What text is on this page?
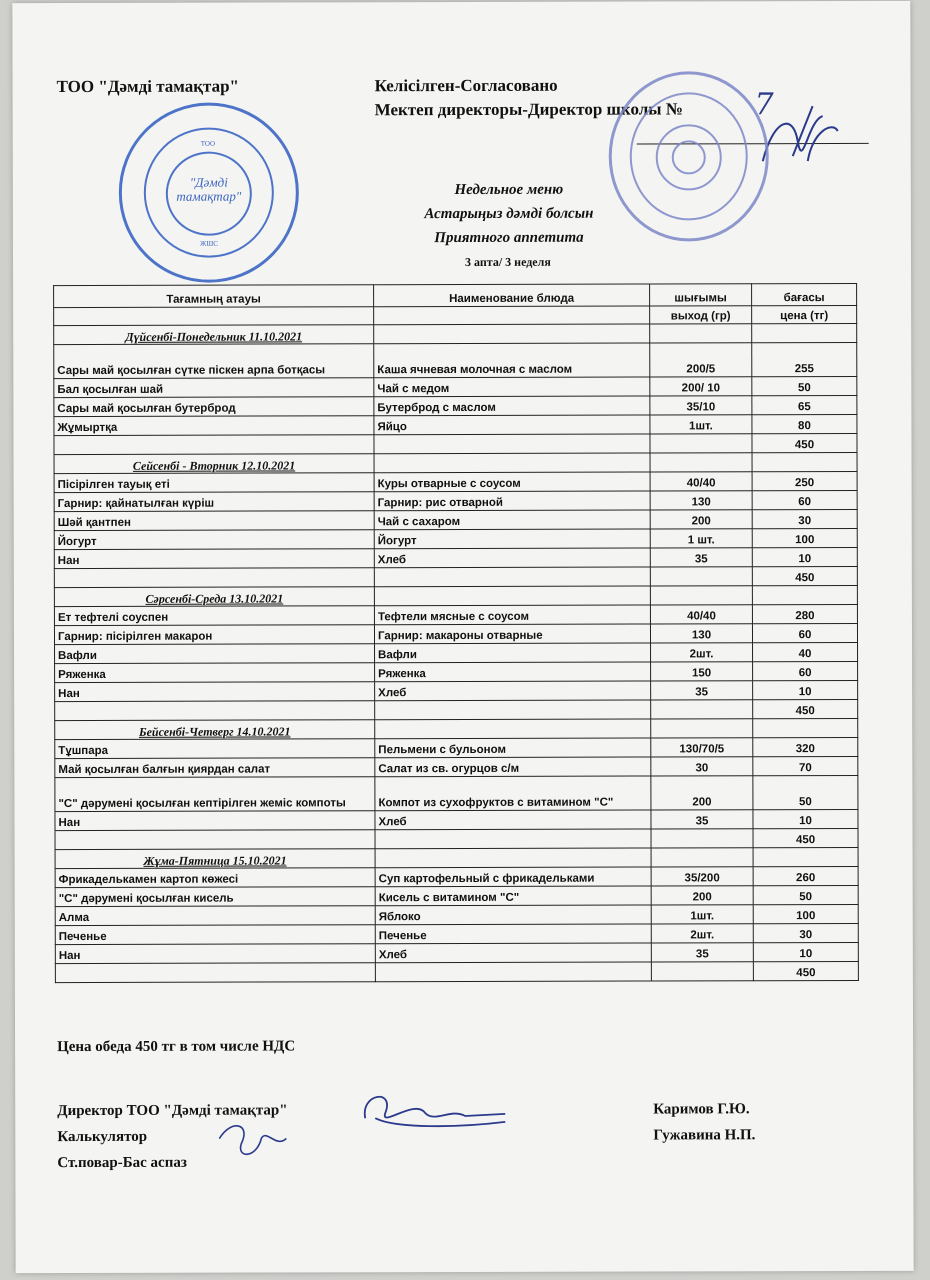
ТОО "Дәмді тамақтар"	Келісілген-Согласовано
Мектеп директоры-Директор школы № 7
"Дәмді
тамақтар"
ТОО
ЖШС
Недельное меню
Астарыңыз дәмді болсын
Приятного аппетита
3 апта/ 3 неделя
Тағамның атауы	Наименование блюда	шығымы	бағасы
		выход (гр)	цена (тг)
Дүйсенбі-Понедельник 11.10.2021			
Сары май қосылған сүтке піскен арпа ботқасы	Каша ячневая молочная с маслом	200/5	255
Бал қосылған шай	Чай с медом	200/ 10	50
Сары май қосылған бутерброд	Бутерброд с маслом	35/10	65
Жұмыртқа	Яйцо	1шт.	80
			450
Сейсенбі - Вторник 12.10.2021			
Пісірілген тауық еті	Куры отварные с соусом	40/40	250
Гарнир: қайнатылған күріш	Гарнир: рис отварной	130	60
Шәй қантпен	Чай с сахаром	200	30
Йогурт	Йогурт	1 шт.	100
Нан	Хлеб	35	10
			450
Сәрсенбі-Среда 13.10.2021			
Ет тефтелі соуспен	Тефтели мясные с соусом	40/40	280
Гарнир: пісірілген макарон	Гарнир: макароны отварные	130	60
Вафли	Вафли	2шт.	40
Ряженка	Ряженка	150	60
Нан	Хлеб	35	10
			450
Бейсенбі-Четверг 14.10.2021			
Тұшпара	Пельмени с бульоном	130/70/5	320
Май қосылған балғын қиярдан салат	Салат из св. огурцов с/м	30	70
"С" дәрумені қосылған кептірілген жеміс компоты	Компот из сухофруктов с витамином "С"	200	50
Нан	Хлеб	35	10
			450
Жұма-Пятница 15.10.2021			
Фрикаделькамен картоп көжесі	Суп картофельный с фрикадельками	35/200	260
"С" дәрумені қосылған кисель	Кисель с витамином "С"	200	50
Алма	Яблоко	1шт.	100
Печенье	Печенье	2шт.	30
Нан	Хлеб	35	10
			450
Цена обеда 450 тг в том числе НДС
Директор ТОО "Дәмді тамақтар"
Калькулятор
Ст.повар-Бас аспаз
Каримов Г.Ю.
Гужавина Н.П.
